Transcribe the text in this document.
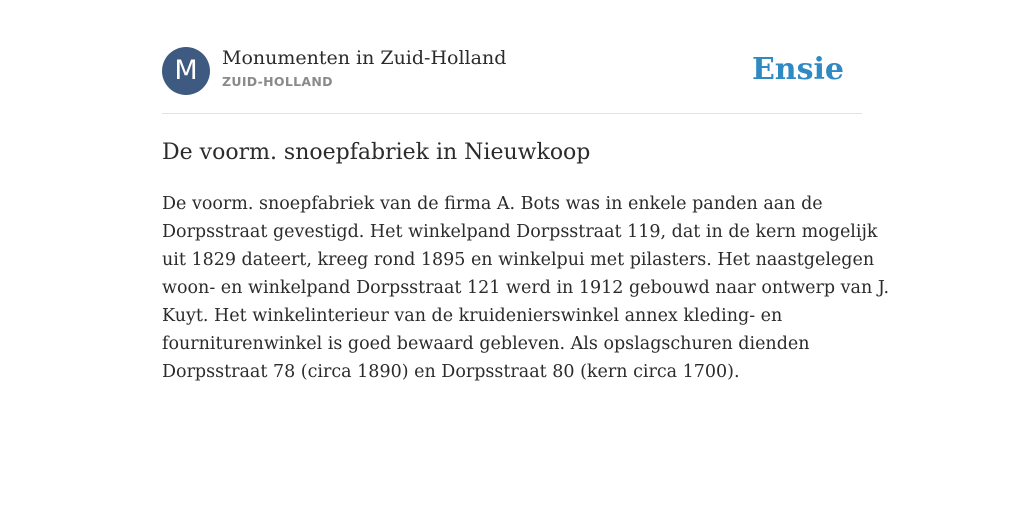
M	Monumenten in Zuid-Holland
ZUID-HOLLAND	Ensie
De voorm. snoepfabriek in Nieuwkoop

De voorm. snoepfabriek van de firma A. Bots was in enkele panden aan de
Dorpsstraat gevestigd. Het winkelpand Dorpsstraat 119, dat in de kern mogelijk
uit 1829 dateert, kreeg rond 1895 en winkelpui met pilasters. Het naastgelegen
woon- en winkelpand Dorpsstraat 121 werd in 1912 gebouwd naar ontwerp van J.
Kuyt. Het winkelinterieur van de kruidenierswinkel annex kleding- en
fourniturenwinkel is goed bewaard gebleven. Als opslagschuren dienden
Dorpsstraat 78 (circa 1890) en Dorpsstraat 80 (kern circa 1700).
